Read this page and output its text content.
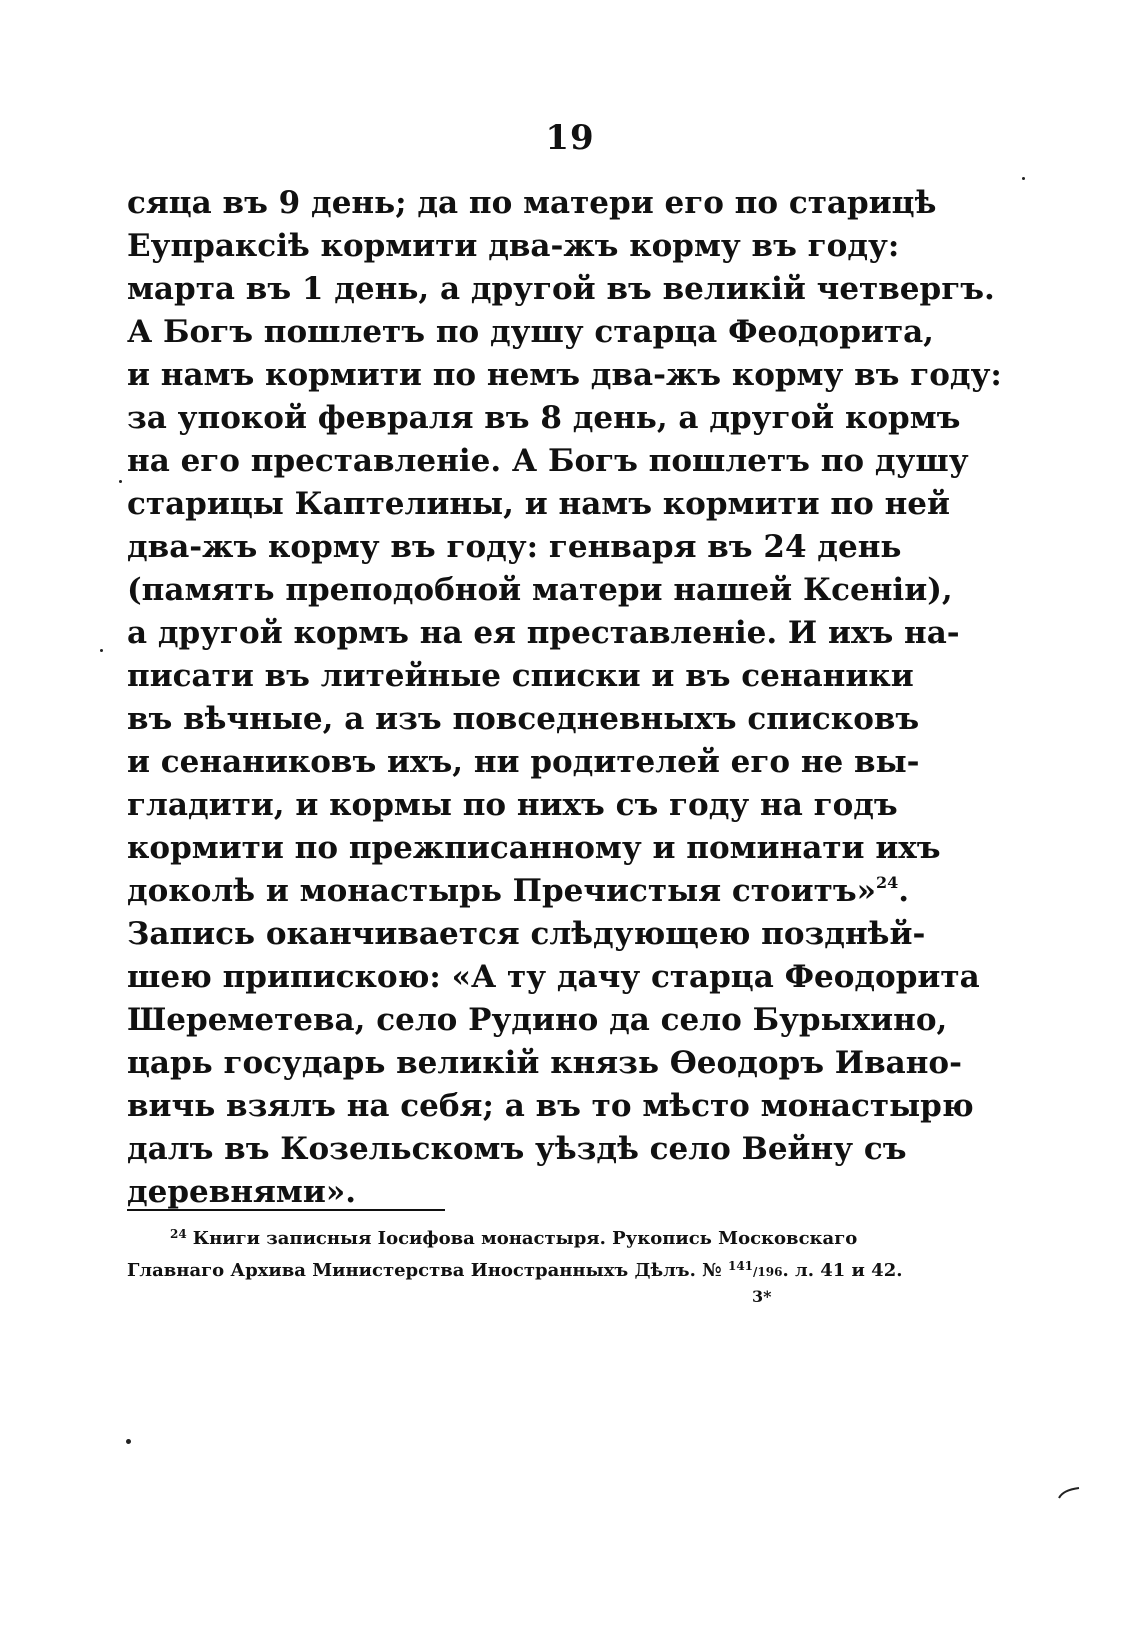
19
сяца въ 9 день; да по матери его по старицѣ
Еупраксіѣ кормити два-жъ корму въ году:
марта въ 1 день, а другой въ великій четвергъ.
А Богъ пошлетъ по душу старца Феодорита,
и намъ кормити по немъ два-жъ корму въ году:
за упокой февраля въ 8 день, а другой кормъ
на его преставленіе. А Богъ пошлетъ по душу
старицы Каптелины, и намъ кормити по ней
два-жъ корму въ году: генваря въ 24 день
(память преподобной матери нашей Ксеніи),
а другой кормъ на ея преставленіе. И ихъ на-
писати въ литейные списки и въ сенаники
въ вѣчные, а изъ повседневныхъ списковъ
и сенаниковъ ихъ, ни родителей его не вы-
гладити, и кормы по нихъ съ году на годъ
кормити по прежписанному и поминати ихъ
доколѣ и монастырь Пречистыя стоитъ»$^{24}$.
Запись оканчивается слѣдующею позднѣй-
шею припискою: «А ту дачу старца Феодорита
Шереметева, село Рудино да село Бурыхино,
царь государь великій князь Өеодоръ Ивано-
вичь взялъ на себя; а въ то мѣсто монастырю
далъ въ Козельскомъ уѣздѣ село Вейну съ
деревнями».
$^{24}$ Книги записныя Іосифова монастыря. Рукопись Московскаго
Главнаго Архива Министерства Иностранныхъ Дѣлъ. № $^{141}$/196. л. 41 и 42.
3*
